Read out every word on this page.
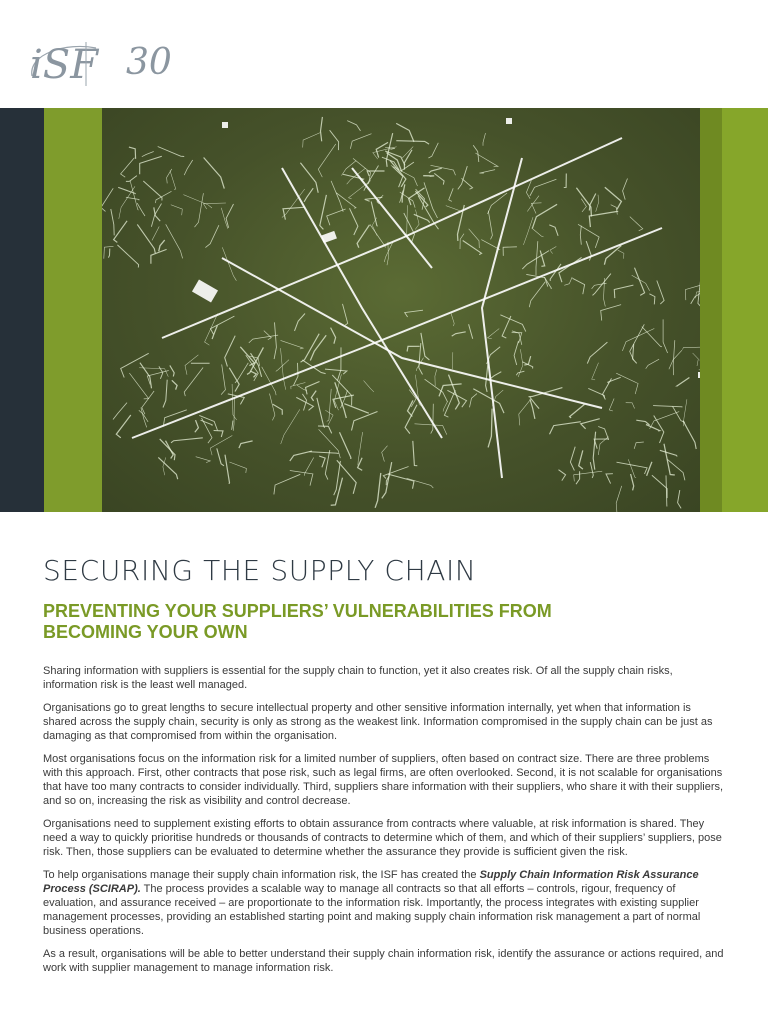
iSF 30
SECURING THE SUPPLY CHAIN
PREVENTING YOUR SUPPLIERS’ VULNERABILITIES FROM BECOMING YOUR OWN

Sharing information with suppliers is essential for the supply chain to function, yet it also creates risk. Of all the supply chain risks, information risk is the least well managed.

Organisations go to great lengths to secure intellectual property and other sensitive information internally, yet when that information is shared across the supply chain, security is only as strong as the weakest link. Information compromised in the supply chain can be just as damaging as that compromised from within the organisation.

Most organisations focus on the information risk for a limited number of suppliers, often based on contract size. There are three problems with this approach. First, other contracts that pose risk, such as legal firms, are often overlooked. Second, it is not scalable for organisations that have too many contracts to consider individually. Third, suppliers share information with their suppliers, who share it with their suppliers, and so on, increasing the risk as visibility and control decrease.

Organisations need to supplement existing efforts to obtain assurance from contracts where valuable, at risk information is shared. They need a way to quickly prioritise hundreds or thousands of contracts to determine which of them, and which of their suppliers’ suppliers, pose risk. Then, those suppliers can be evaluated to determine whether the assurance they provide is sufficient given the risk.

To help organisations manage their supply chain information risk, the ISF has created the Supply Chain Information Risk Assurance Process (SCIRAP). The process provides a scalable way to manage all contracts so that all efforts – controls, rigour, frequency of evaluation, and assurance received – are proportionate to the information risk. Importantly, the process integrates with existing supplier management processes, providing an established starting point and making supply chain information risk management a part of normal business operations.

As a result, organisations will be able to better understand their supply chain information risk, identify the assurance or actions required, and work with supplier management to manage information risk.
